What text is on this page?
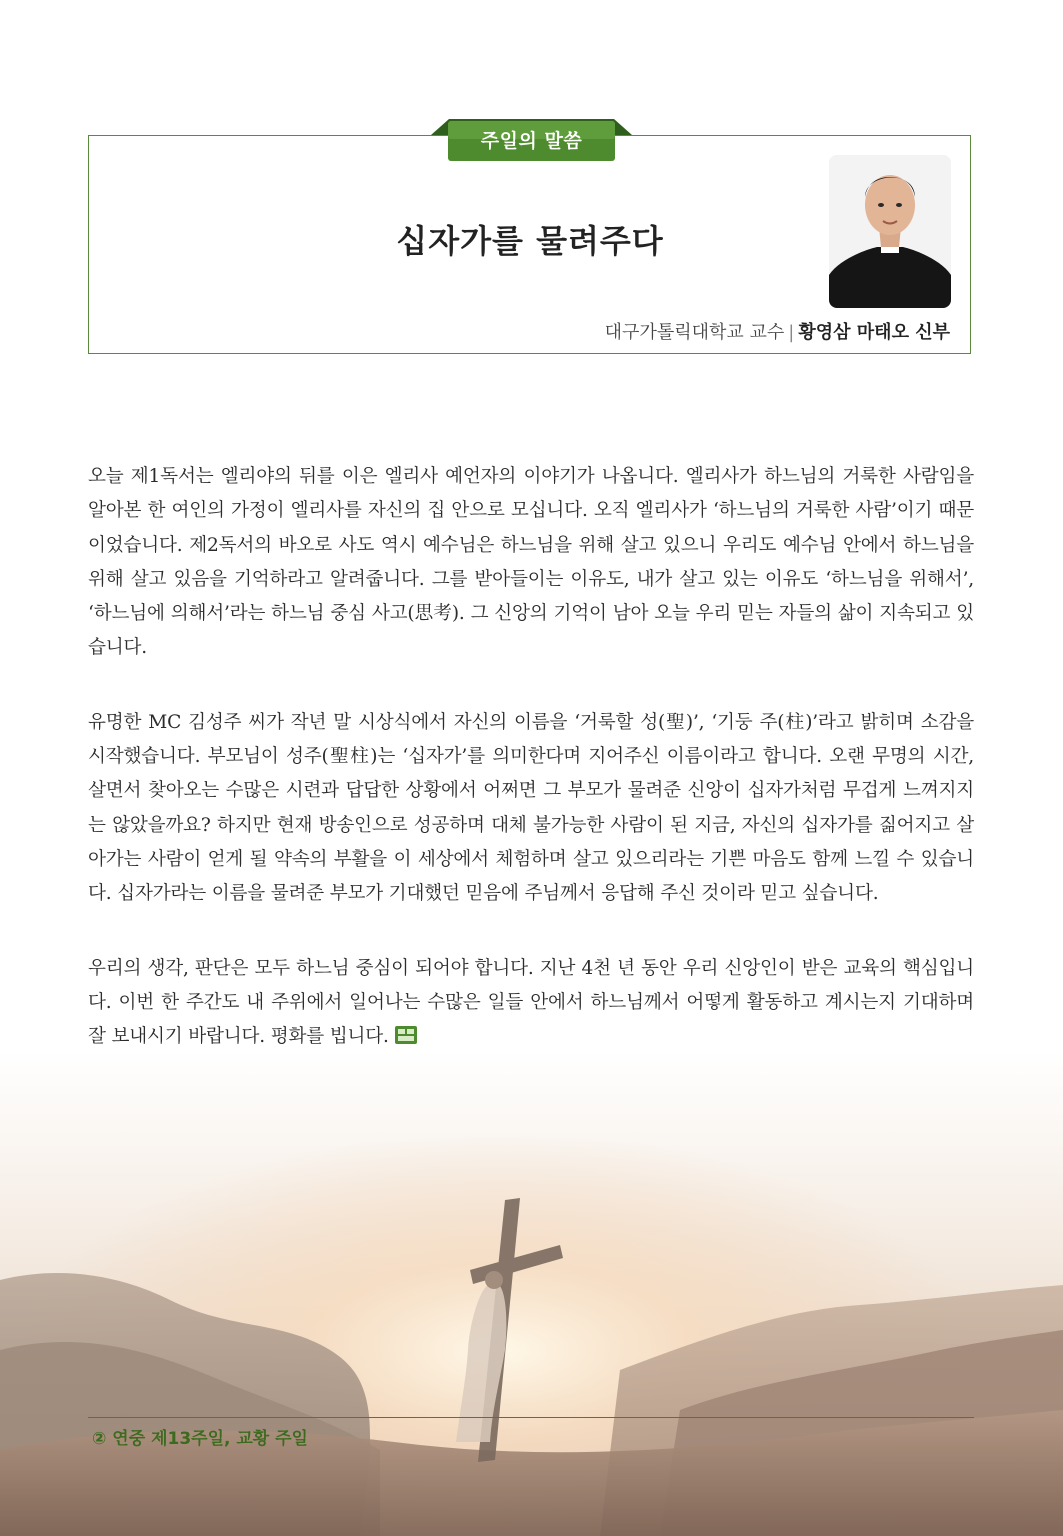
주일의 말씀
십자가를 물려주다
대구가톨릭대학교 교수 | 황영삼 마태오 신부

오늘 제1독서는 엘리야의 뒤를 이은 엘리사 예언자의 이야기가 나옵니다. 엘리사가 하느님의 거룩한 사람임을 알아본 한 여인의 가정이 엘리사를 자신의 집 안으로 모십니다. 오직 엘리사가 ‘하느님의 거룩한 사람’이기 때문이었습니다. 제2독서의 바오로 사도 역시 예수님은 하느님을 위해 살고 있으니 우리도 예수님 안에서 하느님을 위해 살고 있음을 기억하라고 알려줍니다. 그를 받아들이는 이유도, 내가 살고 있는 이유도 ‘하느님을 위해서’, ‘하느님에 의해서’라는 하느님 중심 사고(思考). 그 신앙의 기억이 남아 오늘 우리 믿는 자들의 삶이 지속되고 있습니다.

유명한 MC 김성주 씨가 작년 말 시상식에서 자신의 이름을 ‘거룩할 성(聖)’, ‘기둥 주(柱)’라고 밝히며 소감을 시작했습니다. 부모님이 성주(聖柱)는 ‘십자가’를 의미한다며 지어주신 이름이라고 합니다. 오랜 무명의 시간, 살면서 찾아오는 수많은 시련과 답답한 상황에서 어쩌면 그 부모가 물려준 신앙이 십자가처럼 무겁게 느껴지지는 않았을까요? 하지만 현재 방송인으로 성공하며 대체 불가능한 사람이 된 지금, 자신의 십자가를 짊어지고 살아가는 사람이 얻게 될 약속의 부활을 이 세상에서 체험하며 살고 있으리라는 기쁜 마음도 함께 느낄 수 있습니다. 십자가라는 이름을 물려준 부모가 기대했던 믿음에 주님께서 응답해 주신 것이라 믿고 싶습니다.

우리의 생각, 판단은 모두 하느님 중심이 되어야 합니다. 지난 4천 년 동안 우리 신앙인이 받은 교육의 핵심입니다. 이번 한 주간도 내 주위에서 일어나는 수많은 일들 안에서 하느님께서 어떻게 활동하고 계시는지 기대하며 잘 보내시기 바랍니다. 평화를 빕니다.

② 연중 제13주일, 교황 주일
